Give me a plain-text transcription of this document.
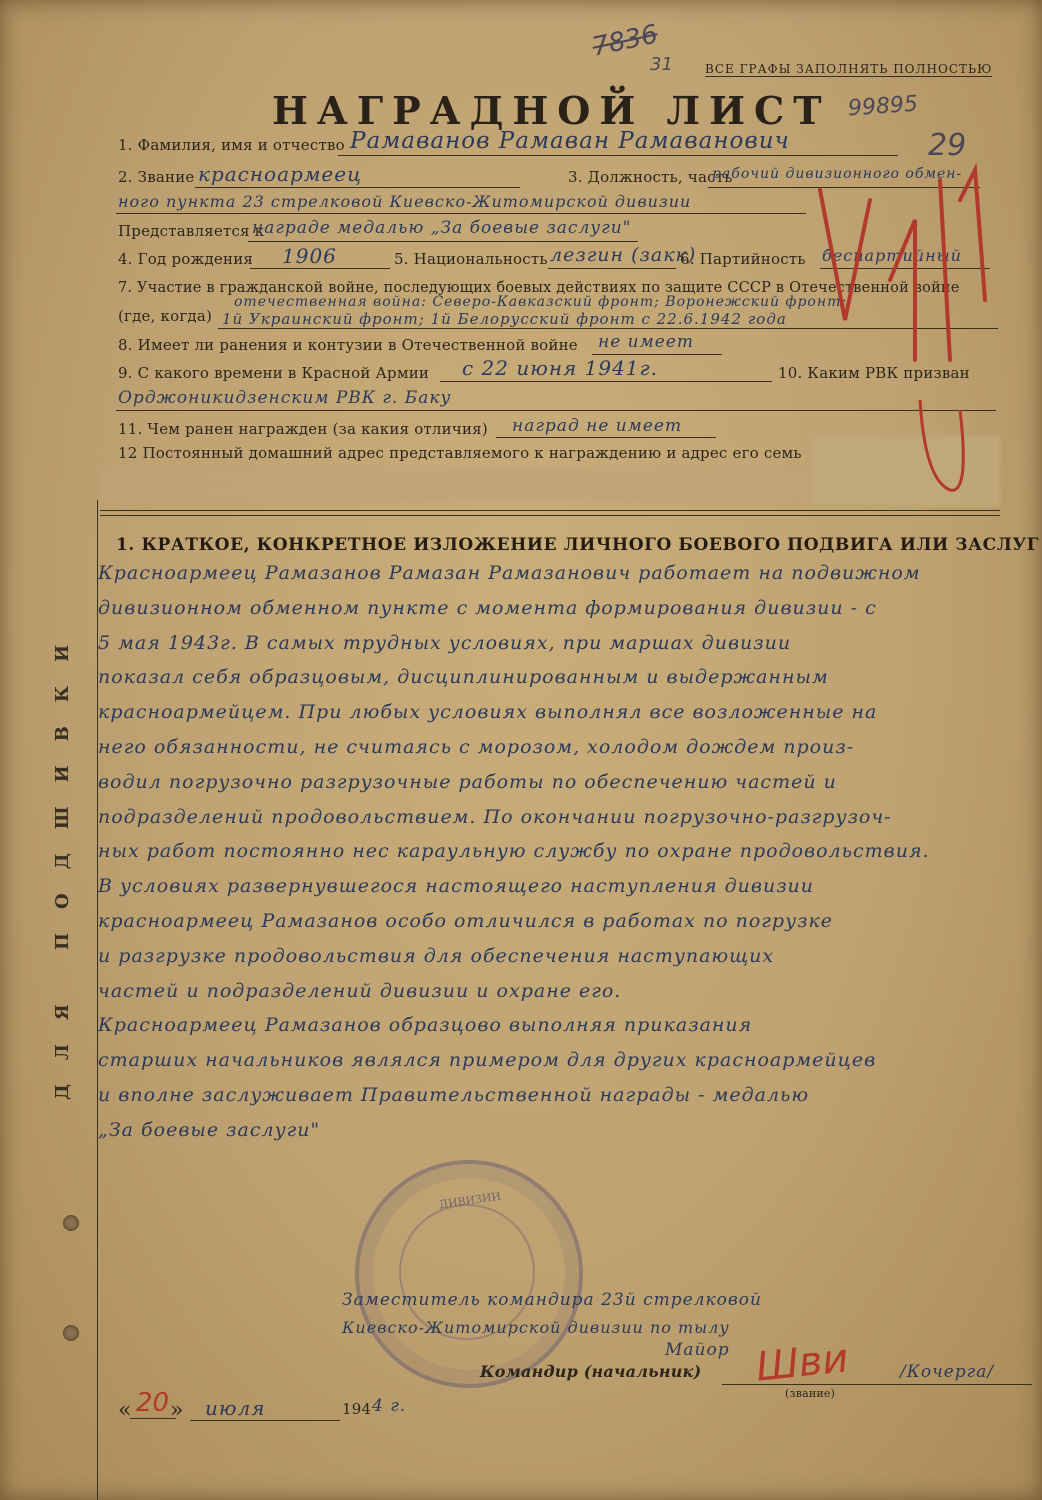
7836
31	ВСЕ ГРАФЫ ЗАПОЛНЯТЬ ПОЛНОСТЬЮ
99895
29
НАГРАДНОЙ ЛИСТ
1. Фамилия, имя и отчество Рамаванов Рамаван Рамаванович
2. Звание красноармеец	3. Должность, часть
рабочий дивизионного обмен-
ного пункта 23 стрелковой Киевско-Житомирской дивизии
Представляется к
награде медалью „За боевые заслуги"
4. Год рождения 1906	5. Национальность лезгин (закк)
6. Партийность беспартийный
7. Участие в гражданской войне, последующих боевых действиях по защите СССР в Отечественной войне
отечественная война: Северо-Кавказский фронт; Воронежский фронт;
(где, когда) 1й Украинский фронт; 1й Белорусский фронт с 22.6.1942 года
8. Имеет ли ранения и контузии в Отечественной войне не имеет
9. С какого времени в Красной Армии с 22 июня 1941г.	10. Каким РВК призван
Орджоникидзенским РВК г. Баку
11. Чем ранен награжден (за какия отличия) наград не имеет
12 Постоянный домашний адрес представляемого к награждению и адрес его семь
ДЛЯ ПОДШИВКИ
1. КРАТКОЕ, КОНКРЕТНОЕ ИЗЛОЖЕНИЕ ЛИЧНОГО БОЕВОГО ПОДВИГА ИЛИ ЗАСЛУГ
Красноармеец Рамазанов Рамазан Рамазанович работает на подвижном
дивизионном обменном пункте с момента формирования дивизии - с
5 мая 1943г. В самых трудных условиях, при маршах дивизии
показал себя образцовым, дисциплинированным и выдержанным
красноармейцем. При любых условиях выполнял все возложенные на
него обязанности, не считаясь с морозом, холодом дождем произ-
водил погрузочно разгрузочные работы по обеспечению частей и
подразделений продовольствием. По окончании погрузочно-разгрузоч-
ных работ постоянно нес караульную службу по охране продовольствия.
В условиях развернувшегося настоящего наступления дивизии
красноармеец Рамазанов особо отличился в работах по погрузке
и разгрузке продовольствия для обеспечения наступающих
частей и подразделений дивизии и охране его.
Красноармеец Рамазанов образцово выполняя приказания
старших начальников являлся примером для других красноармейцев
и вполне заслуживает Правительственной награды - медалью
„За боевые заслуги"
ДИВИЗИИ
Заместитель командира 23й стрелковой
Киевско-Житомирской дивизии по тылу
Майор
Командир (начальник) Шви	/Кочерга/
(звание)
« 20 » июля	194 4 г.
